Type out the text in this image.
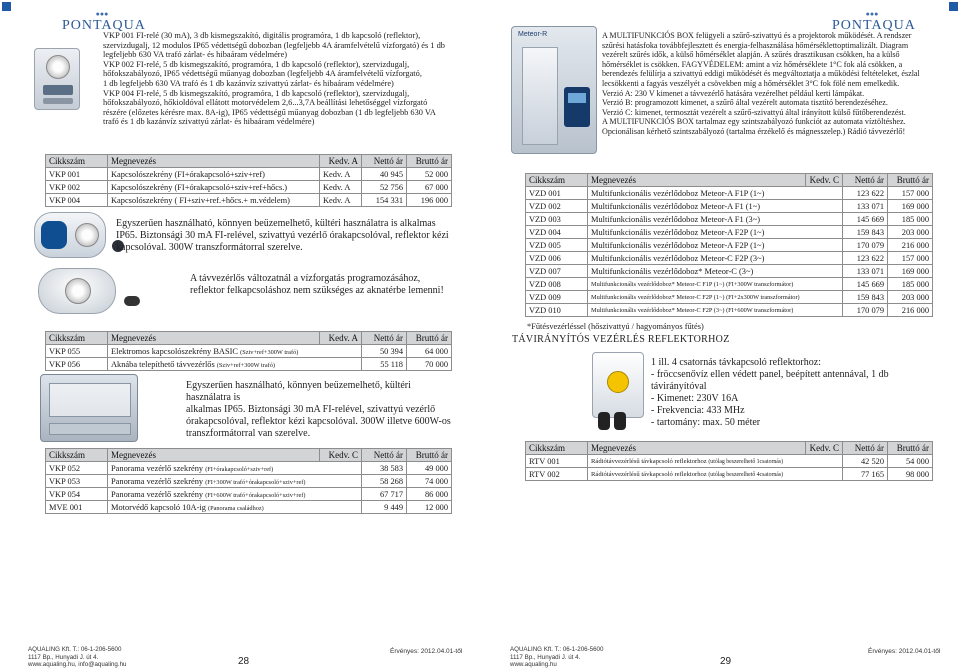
●●●
PONTAQUA

VKP 001 FI-relé (30 mA), 3 db kismegszakító, digitális programóra, 1 db kapcsoló (reflektor),

szervizdugalj, 12 modulos IP65 védettségű dobozban (legfeljebb 4A áramfelvételű vízforgató) és 1 db

legfeljebb 630 VA trafó zárlat- és hibaáram védelmére)

VKP 002 FI-relé, 5 db kismegszakító, programóra, 1 db kapcsoló (reflektor), szervizdugalj,

hőfokszabályozó, IP65 védettségű műanyag dobozban (legfeljebb 4A áramfelvételű vízforgató,

1 db legfeljebb 630 VA trafó és 1 db kazánvíz szivattyú zárlat- és hibaáram védelmére)

VKP 004 FI-relé, 5 db kismegszakító, programóra, 1 db kapcsoló (reflektor), szervizdugalj,

hőfokszabályozó, hőkioldóval ellátott motorvédelem 2,6...3,7A beállítási lehetőséggel vízforgató

részére (előzetes kérésre max. 8A-ig), IP65 védettségű műanyag dobozban (1 db legfeljebb 630 VA

trafó és 1 db kazánvíz szivattyú zárlat- és hibaáram védelmére)

Cikkszám	Megnevezés	Kedv. A	Nettó ár	Bruttó ár
VKP 001	Kapcsolószekrény (FI+órakapcsoló+sziv+ref)	Kedv. A	40 945	52 000
VKP 002	Kapcsolószekrény (FI+órakapcsoló+sziv+ref+hőcs.)	Kedv. A	52 756	67 000
VKP 004	Kapcsolószekrény ( FI+sziv+ref.+hőcs.+ m.védelem)	Kedv. A	154 331	196 000

Egyszerűen használható, könnyen beüzemelhető, kültéri használatra is alkalmas

IP65. Biztonsági 30 mA FI-relével, szivattyú vezérlő órakapcsolóval, reflektor kézi

kapcsolóval. 300W transzformátorral szerelve.

A távvezérlős változatnál a vízforgatás programozásához,

reflektor felkapcsoláshoz nem szükséges az aknatérbe lemenni!

Cikkszám	Megnevezés	Kedv. A	Nettó ár	Bruttó ár
VKP 055	Elektromos kapcsolószekrény BASIC (Sziv+ref+300W trafó)		50 394	64 000
VKP 056	Aknába telepíthető távvezérlős (Sziv+ref+300W trafó)		55 118	70 000

Egyszerűen használható, könnyen beüzemelhető, kültéri használatra is

alkalmas IP65. Biztonsági 30 mA FI-relével, szivattyú vezérlő

órakapcsolóval, reflektor kézi kapcsolóval. 300W illetve 600W-os

transzformátorral van szerelve.

Cikkszám	Megnevezés	Kedv. C	Nettó ár	Bruttó ár
VKP 052	Panorama vezérlő szekrény (FI+órakapcsoló+sziv+ref)		38 583	49 000
VKP 053	Panorama vezérlő szekrény (FI+300W trafó+órakapcsoló+sziv+ref)		58 268	74 000
VKP 054	Panorama vezérlő szekrény (FI+600W trafó+órakapcsoló+sziv+ref)		67 717	86 000
MVE 001	Motorvédő kapcsoló 10A-ig (Panorama családhoz)		9 449	12 000
AQUALING Kft. T.: 06-1-206-5600
1117 Bp., Hunyadi J. út 4.
www.aqualing.hu, info@aqualing.hu	28
Érvényes: 2012.04.01-től
●●●
PONTAQUA
Meteor-R	A MULTIFUNKCIÓS BOX felügyeli a szűrő-szivattyú és a projektorok működését. A rendszer

szűrési hatásfoka továbbfejlesztett és energia-felhasználása hőmérséklettoptimalizált. Diagram

vezérelt szűrés idők, a külső hőmérséklet alapján. A szűrés drasztikusan csökken, ha a külső

hőmérséklet is csökken. FAGYVÉDELEM: amint a víz hőmérséklete 1°C fok alá csökken, a

berendezés felülírja a szivattyú eddigi működését és megváltoztatja a működési feltételeket, észlal

lecsökkenti a fagyás veszélyét a csövekben míg a hőmérséklet 3°C fok fölé nem emelkedik.

Verzió A: 230 V kimenet a távvezérlő hatására vezérelhet például kerti lámpákat.

Verzió B: programozott kimenet, a szűrő által vezérelt automata tisztító berendezéséhez.

Verzió C: kimenet, termosztát vezérelt a szűrő-szivattyú által irányított külső fűtőberendezést.

A MULTIFUNKCIÓS BOX tartalmaz egy szintszabályozó funkciót az automata víztöltéshez.

Opcionálisan kérhető szintszabályozó (tartalma érzékelő és mágnesszelep.) Rádió távvezérlő!

Cikkszám	Megnevezés	Kedv. C	Nettó ár	Bruttó ár
VZD 001	Multifunkcionális vezérlődoboz Meteor-A F1P (1~)		123 622	157 000
VZD 002	Multifunkcionális vezérlődoboz Meteor-A F1 (1~)		133 071	169 000
VZD 003	Multifunkcionális vezérlődoboz Meteor-A F1 (3~)		145 669	185 000
VZD 004	Multifunkcionális vezérlődoboz Meteor-A F2P (1~)		159 843	203 000
VZD 005	Multifunkcionális vezérlődoboz Meteor-A F2P (1~)		170 079	216 000
VZD 006	Multifunkcionális vezérlődoboz Meteor-C F2P (3~)		123 622	157 000
VZD 007	Multifunkcionális vezérlődoboz* Meteor-C (3~)		133 071	169 000
VZD 008	Multifunkcionális vezérlődoboz* Meteor-C F1P (1~) (FI+300W transzformátor)		145 669	185 000
VZD 009	Multifunkcionális vezérlődoboz* Meteor-C F2P (1~) (FI+2x300W transzformátor)		159 843	203 000
VZD 010	Multifunkcionális vezérlődoboz* Meteor-C F2P (3~) (FI+600W transzformátor)		170 079	216 000
*Fűtésvezérléssel (hőszivattyú / hagyományos fűtés)
TÁVIRÁNYÍTÓS VEZÉRLÉS REFLEKTORHOZ

1 ill. 4 csatornás távkapcsoló reflektorhoz:

- fröccsenővíz ellen védett panel, beépített antennával, 1 db

távirányítóval

- Kimenet: 230V 16A

- Frekvencia: 433 MHz

- tartomány: max. 50 méter

Cikkszám	Megnevezés	Kedv. C	Nettó ár	Bruttó ár
RTV 001	Rádiótávvezérlésű távkapcsoló reflektorhoz (utólag beszerelhető 1csatornás)		42 520	54 000
RTV 002	Rádiótávvezérlésű távkapcsoló reflektorhoz (utólag beszerelhető 4csatornás)		77 165	98 000
AQUALING Kft. T.: 06-1-206-5600
1117 Bp., Hunyadi J. út 4.
www.aqualing.hu	29
Érvényes: 2012.04.01-től
